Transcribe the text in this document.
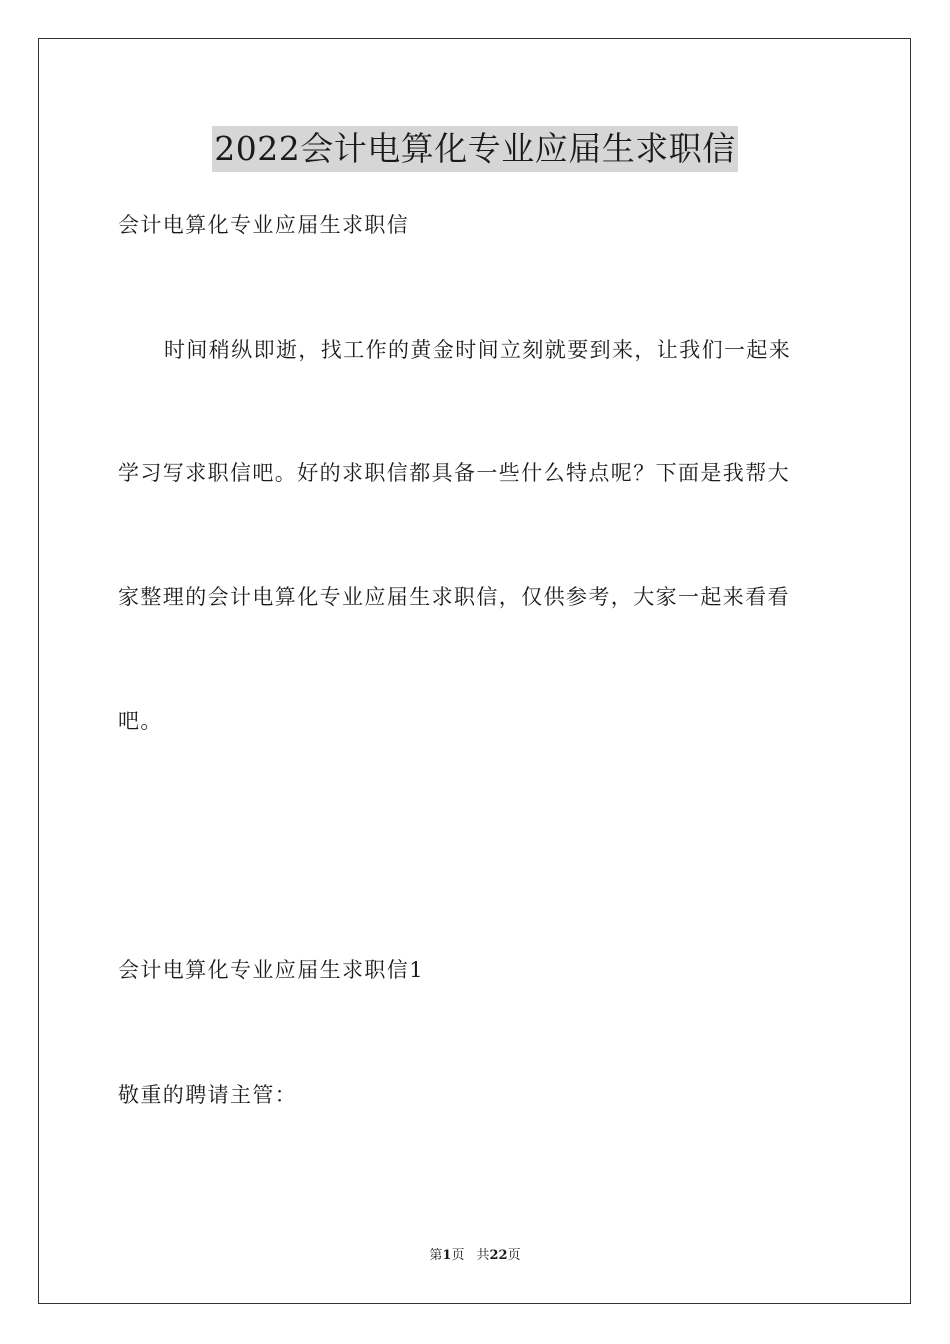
2022会计电算化专业应届生求职信
会计电算化专业应届生求职信
时间稍纵即逝，找工作的黄金时间立刻就要到来，让我们一起来
学习写求职信吧。好的求职信都具备一些什么特点呢？下面是我帮大
家整理的会计电算化专业应届生求职信，仅供参考，大家一起来看看
吧。
会计电算化专业应届生求职信1
敬重的聘请主管：
第1页 共22页
